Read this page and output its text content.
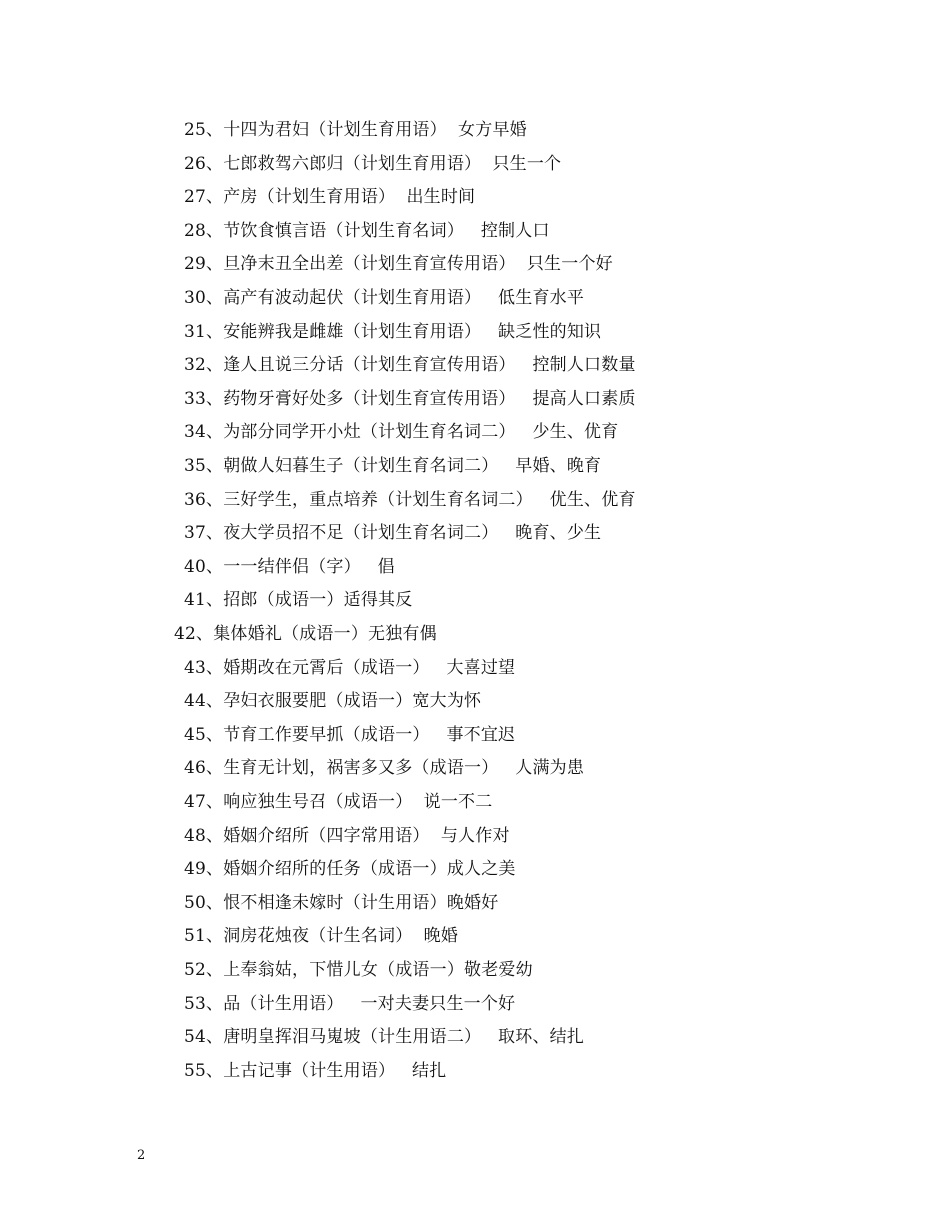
25、十四为君妇（计划生育用语）  女方早婚
26、七郎救驾六郎归（计划生育用语）  只生一个
27、产房（计划生育用语）  出生时间
28、节饮食慎言语（计划生育名词）   控制人口
29、旦净末丑全出差（计划生育宣传用语）  只生一个好
30、高产有波动起伏（计划生育用语）   低生育水平
31、安能辨我是雌雄（计划生育用语）   缺乏性的知识
32、逢人且说三分话（计划生育宣传用语）   控制人口数量
33、药物牙膏好处多（计划生育宣传用语）   提高人口素质
34、为部分同学开小灶（计划生育名词二）   少生、优育
35、朝做人妇暮生子（计划生育名词二）   早婚、晚育
36、三好学生，重点培养（计划生育名词二）   优生、优育
37、夜大学员招不足（计划生育名词二）   晚育、少生
40、一一结伴侣（字）   倡
41、招郎（成语一）适得其反
42、集体婚礼（成语一）无独有偶
43、婚期改在元霄后（成语一）   大喜过望
44、孕妇衣服要肥（成语一）宽大为怀
45、节育工作要早抓（成语一）   事不宜迟
46、生育无计划，祸害多又多（成语一）   人满为患
47、响应独生号召（成语一）  说一不二
48、婚姻介绍所（四字常用语）  与人作对
49、婚姻介绍所的任务（成语一）成人之美
50、恨不相逢未嫁时（计生用语）晚婚好
51、洞房花烛夜（计生名词）  晚婚
52、上奉翁姑，下惜儿女（成语一）敬老爱幼
53、品（计生用语）   一对夫妻只生一个好
54、唐明皇挥泪马嵬坡（计生用语二）   取环、结扎
55、上古记事（计生用语）   结扎
2
